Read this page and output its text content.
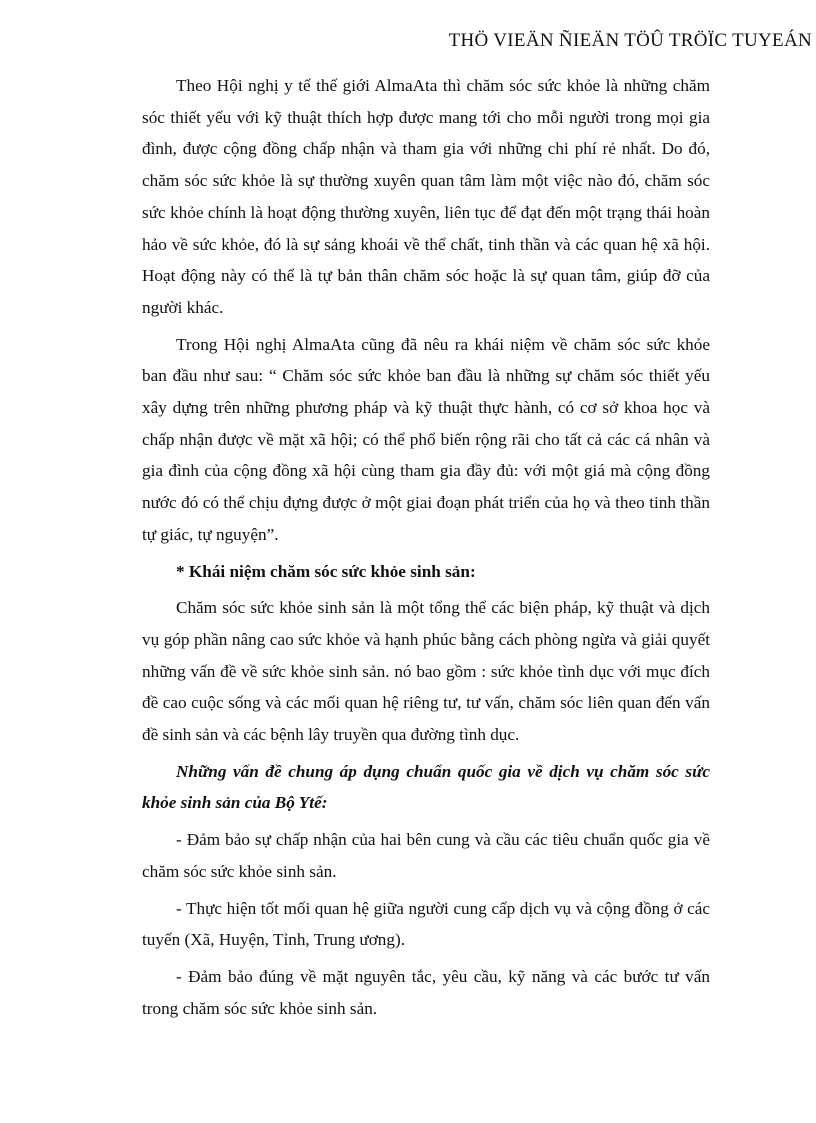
THÖ VIEÄN ÑIEÄN TÖÛ TRÖÏC TUYEÁN

Theo Hội nghị y tế thế giới AlmaAta thì chăm sóc sức khỏe là những chăm sóc thiết yếu với kỹ thuật thích hợp được mang tới cho mỗi người trong mọi gia đình, được cộng đồng chấp nhận và tham gia với những chi phí rẻ nhất. Do đó, chăm sóc sức khỏe là sự thường xuyên quan tâm làm một việc nào đó, chăm sóc sức khỏe chính là hoạt động thường xuyên, liên tục để đạt đến một trạng thái hoàn hảo về sức khỏe, đó là sự sảng khoái về thể chất, tinh thần và các quan hệ xã hội. Hoạt động này có thể là tự bản thân chăm sóc hoặc là sự quan tâm, giúp đỡ của người khác.

Trong Hội nghị AlmaAta cũng đã nêu ra khái niệm về chăm sóc sức khỏe ban đầu như sau: “ Chăm sóc sức khỏe ban đầu là những sự chăm sóc thiết yếu xây dựng trên những phương pháp và kỹ thuật thực hành, có cơ sở khoa học và chấp nhận được về mặt xã hội; có thể phổ biến rộng rãi cho tất cả các cá nhân và gia đình của cộng đồng xã hội cùng tham gia đầy đủ: với một giá mà cộng đồng nước đó có thể chịu đựng được ở một giai đoạn phát triển của họ và theo tinh thần tự giác, tự nguyện”.

* Khái niệm chăm sóc sức khỏe sinh sản:

Chăm sóc sức khỏe sinh sản là một tổng thể các biện pháp, kỹ thuật và dịch vụ góp phần nâng cao sức khỏe và hạnh phúc bằng cách phòng ngừa và giải quyết những vấn đề về sức khỏe sinh sản. nó bao gồm : sức khỏe tình dục với mục đích đề cao cuộc sống và các mối quan hệ riêng tư, tư vấn, chăm sóc liên quan đến vấn đề sinh sản và các bệnh lây truyền qua đường tình dục.

Những vấn đề chung áp dụng chuẩn quốc gia về dịch vụ chăm sóc sức khỏe sinh sản của Bộ Ytế:

- Đảm bảo sự chấp nhận của hai bên cung và cầu các tiêu chuẩn quốc gia về chăm sóc sức khỏe sinh sản.

- Thực hiện tốt mối quan hệ giữa người cung cấp dịch vụ và cộng đồng ở các tuyến (Xã, Huyện, Tỉnh, Trung ương).

- Đảm bảo đúng về mặt nguyên tắc, yêu cầu, kỹ năng và các bước tư vấn trong chăm sóc sức khỏe sinh sản.
